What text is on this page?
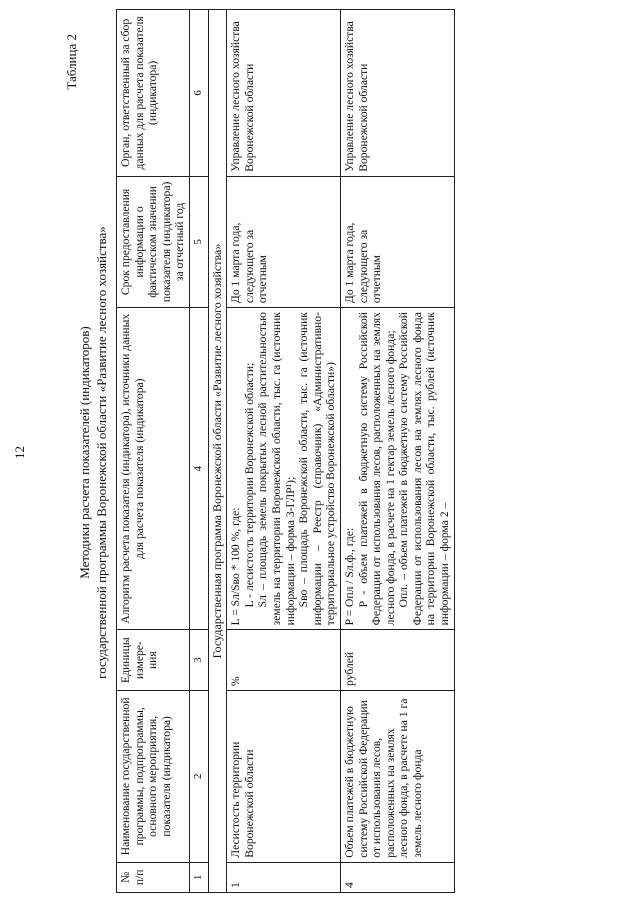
12
Таблица 2
Методики расчета показателей (индикаторов) государственной программы Воронежской области «Развитие лесного хозяйства»
№ п/п	Наименование государственной программы, подпрограммы, основного мероприятия, показателя (индикатора)	Единицы измере-ния	Алгоритм расчета показателя (индикатора), источники данных для расчета показателя (индикатора)	Срок предоставления информации о фактическом значении показателя (индикатора) за отчетный год	Орган, ответственный за сбор данных для расчета показателя (индикатора)
1	2	3	4	5	6
Государственная программа Воронежской области «Развитие лесного хозяйства»					
1	Лесистость территории Воронежской области	%	L = Sл/Sво * 100 %, где: L - лесистость территории Воронежской области; Sл – площадь земель покрытых лесной растительностью земель на территории Воронежской области, тыс. га (источник информации – форма 3-ГЛР¹); Sво – площадь Воронежской области, тыс. га (источник информации – Реестр (справочник) «Административно-территориальное устройство Воронежской области»)	До 1 марта года, следующего за отчетным	Управление лесного хозяйства Воронежской области
4	Объем платежей в бюджетную систему Российской Федерации от использования лесов, расположенных на землях лесного фонда, в расчете на 1 га земель лесного фонда	рублей	P = Опл / Sл.ф., где: P - объем платежей в бюджетную систему Российской Федерации от использования лесов, расположенных на землях лесного фонда, в расчете на 1 гектар земель лесного фонда; Опл. – объем платежей в бюджетную систему Российской Федерации от использования лесов на землях лесного фонда на территории Воронежской области, тыс. рублей (источник информации – форма 2 –	До 1 марта года, следующего за отчетным	Управление лесного хозяйства Воронежской области
